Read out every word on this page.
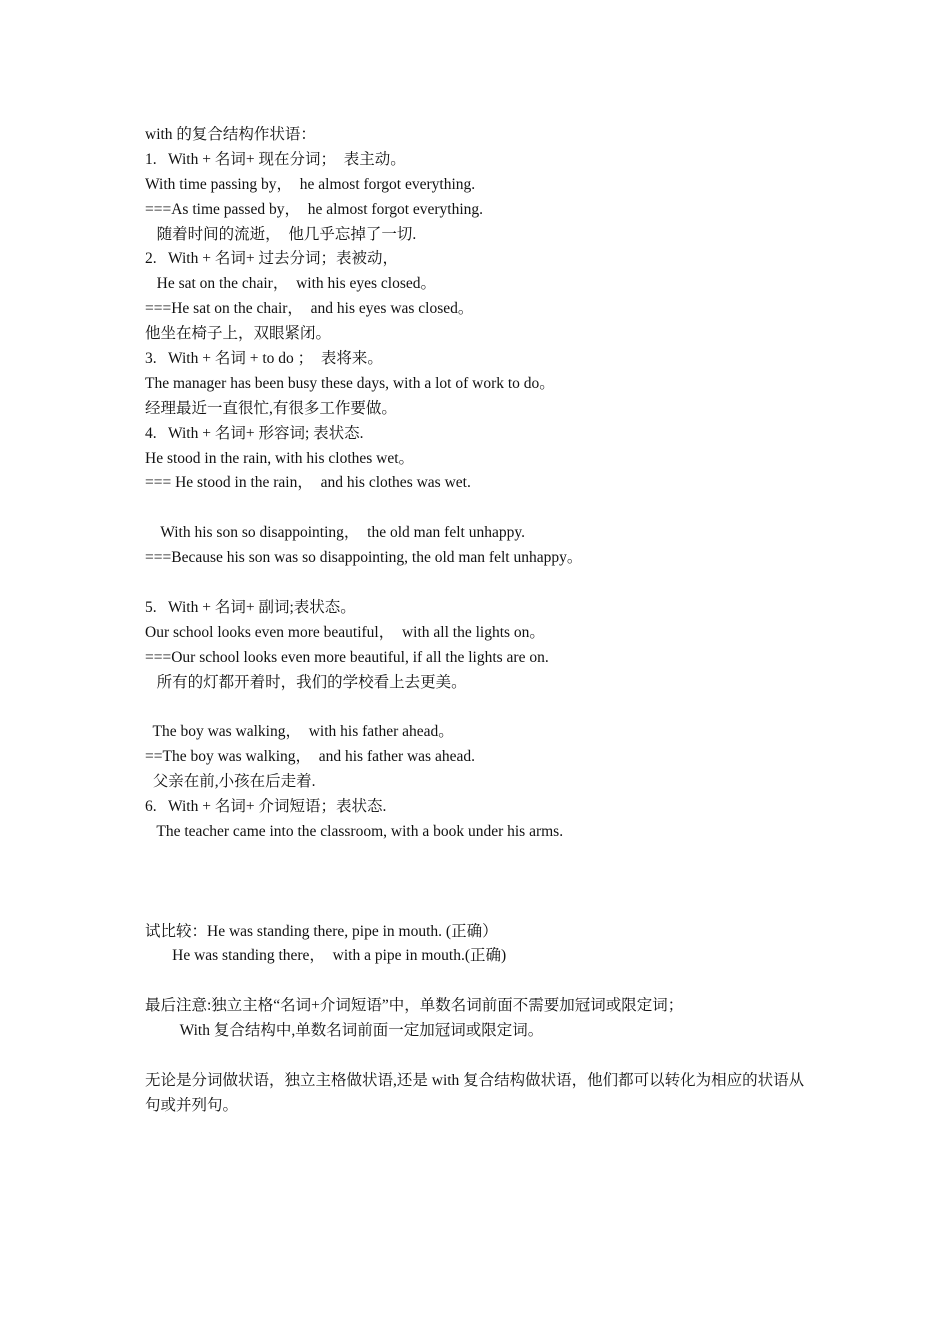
with 的复合结构作状语：
1.   With + 名词+ 现在分词；  表主动。
With time passing by，  he almost forgot everything.
===As time passed by，  he almost forgot everything.
随着时间的流逝，  他几乎忘掉了一切.
2.   With + 名词+ 过去分词；表被动，
He sat on the chair，  with his eyes closed。
===He sat on the chair，  and his eyes was closed。
他坐在椅子上，双眼紧闭。
3.   With + 名词 + to do ；  表将来。
The manager has been busy these days, with a lot of work to do。
经理最近一直很忙,有很多工作要做。
4.   With + 名词+ 形容词; 表状态.
He stood in the rain, with his clothes wet。
=== He stood in the rain，  and his clothes was wet.
With his son so disappointing，  the old man felt unhappy.
===Because his son was so disappointing, the old man felt unhappy。
5.   With + 名词+ 副词;表状态。
Our school looks even more beautiful，  with all the lights on。
===Our school looks even more beautiful, if all the lights are on.
所有的灯都开着时，我们的学校看上去更美。
The boy was walking，  with his father ahead。
==The boy was walking，  and his father was ahead.
父亲在前,小孩在后走着.
6.   With + 名词+ 介词短语；表状态.
The teacher came into the classroom, with a book under his arms.
试比较：He was standing there, pipe in mouth. (正确）
He was standing there，  with a pipe in mouth.(正确)
最后注意:独立主格“名词+介词短语”中，单数名词前面不需要加冠词或限定词；
With 复合结构中,单数名词前面一定加冠词或限定词。
无论是分词做状语，独立主格做状语,还是 with 复合结构做状语，他们都可以转化为相应的状语从句或并列句。
